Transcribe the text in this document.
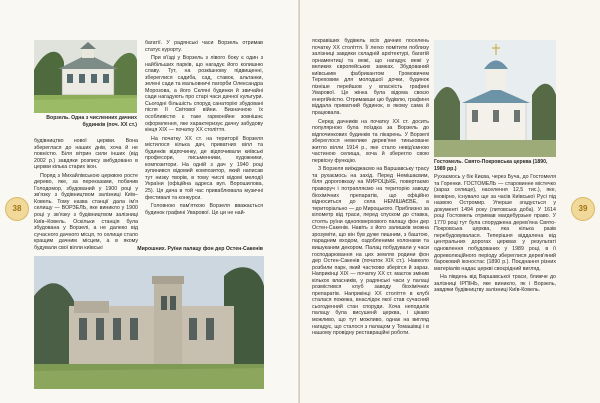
Ворзель. Одна з численних дачних будинків (поч. XX ст.)

будівництво нової церкви. Вона збереглася до наших днів, хоча й не повністю. Біля вітрин сили інших (від 2002 р.) завдяки розпису вибудовано в церкви кілька старих ікон.

Поряд з Михайлівською церквою росте дерево, яке, за переказами, побачив Голодомор, збудований у 1900 році у зв'язку з будівництвом залізниці Київ–Ковель. Тому назва станції дала ім'я селищу — ВОРЗЕЛЬ, яке виникло у 1900 році у зв'язку з будівництвом залізниці Київ–Ковель. Оскільки станція була збудована у Ворзелі, а не далеко від сучасного дачного місця, то селище стало кращим дачним місцем, а в якому будували свої вілли київські

багатії. У радянські часи Ворзель отримав статус курорту.

При в'їзді у Ворзель з лівого боку є один з найбільших парків, що нагадує його колишню славу. Тут, на розкішному підвищенні, збереглися садиба, сад, ставок, альтанки, зелені сади та мальовничі пагорби Олександра Морозова, а його Скляні будинки й звичайні сади нагадують про старі часи дачної культури. Сьогодні більшість споруд санаторію збудовані після ІІ Світової війни. Визначною їх особливістю є таке гармонійне зовнішнє оформлення, яке характеризує дачну забудову кінця ХІХ — початку ХХ століття.

На початку ХХ ст. на території Ворзеля містилося кілька дач, приватних вілл та будинків відпочинку, де відпочивали київські професори, письменники, художники, композитори. На одній з дач у 1940 році зупинився відомий композитор, який написав тут низку творів, в тому числі відомі мелодії України (офіційна адреса вул. Ворошилова, 25). Ця дача в той час приваблювала музичні фестивалі та конкурси.

Головною пам'яткою Ворзеля вважається будинок графині Уварової. Це ци не най-

38
Мирошних. Руїни палацу фон дер Остен-Сакенів

яскравіших будівель всіх дачних поселень початку ХХ століття. Її легко помітити поблизу залізниці завдяки складній архітектурі, багатій орнаментиці та вежі, що нагадує вежі у великих європейських замках. Збудований київським фабрикантом Громовичем Тереховим для молодшої дочки, будинок пізніше перейшов у власність графині Уварової. Це жінка була відома своєю енергійністю. Отримавши цю будівлю, графиня віддала приватний будинок, в якому сама й працювала.

Серед дачників на початку ХХ ст. досить популярною була поїздка за Ворзель до відпочинкових будинків та лікарень. У Ворзелі збереглося невелике дерев'яне тиньковане житло вілли 1914 р., яке стало невід'ємною частиною селища, хоча й зберегло свою первісну функцію.

З Ворзеля виїжджаємо на Варшавську трасу та рухаємось на захід. Перед Немішаєвим, біля дороговказу на МИРОЦЬКЕ, повертаємо праворуч і потрапляємо на територію заводу біохімічних препаратів, що офіційно відноситься до села НЕМІШАЄВЕ, а територіально — до Мироцького. Приблизно за кілометр від траси, перед спуском до ставка, стоять руїни одноповерхового палацу фон дер Остен-Сакенів. Навіть з його залишків можна зрозуміти, що він був дуже пишним, з баштою, парадним входом, оздобленими колонами та вишуканим декором. Палац побудували у часи господарювання на цих землях родини фон дер Остен-Сакенів (початок ХІХ ст.). Навколо розбили парк, який частково зберігся й зараз. Наприкінці ХІХ — початку ХХ ст. маєток змінив кількох власників, у радянські часи у палаці розмістився клуб заводу біохімічних препаратів. Наприкінці ХХ століття в клубі сталася пожежа, внаслідок якої став сучасний сьогоденний стан споруди. Хоча неподалік палацу була висушенй церква, і цікаво можливо, що тут можливо, однак на вигляд нагадує, що сталося з палацом у Томашівці і в нашому провідну реставраційні роботи.

Гостомель. Свято-Покровська церква (1890, 1989 рр.)

Рухаємось у бік Києва, через Буча, до Гостомеля та Горенки. ГОСТОМЕЛЬ — старовинне містечко (зараз селище), населення 12,5 тис.), яке, імовірно, існувало ще за часів Київської Русі під назвою Остромир. Уперше згадується у документі 1494 року (литовська доба). У 1614 році Гостомель отримав магдебурзьке право. У 1770 році тут була споруджена дерев'яна Свято-Покровська церква, яка кілька разів перебудовувалася. Теперішня віддалена від центральних дорогах церквах у результаті одновлення побудованих у 1989 році, в її дореволюційного періоду збереглися дерев'яний бароковий іконостас (1890 р.). Поєднання різних матеріалів надає церкві своєрідний вигляд.

На південь від Варшавської траси, ближче до залізниці ІРПІНЬ, яке виникло, як і Ворзель, завдяки будівництву залізниці Київ-Ковель.

39
